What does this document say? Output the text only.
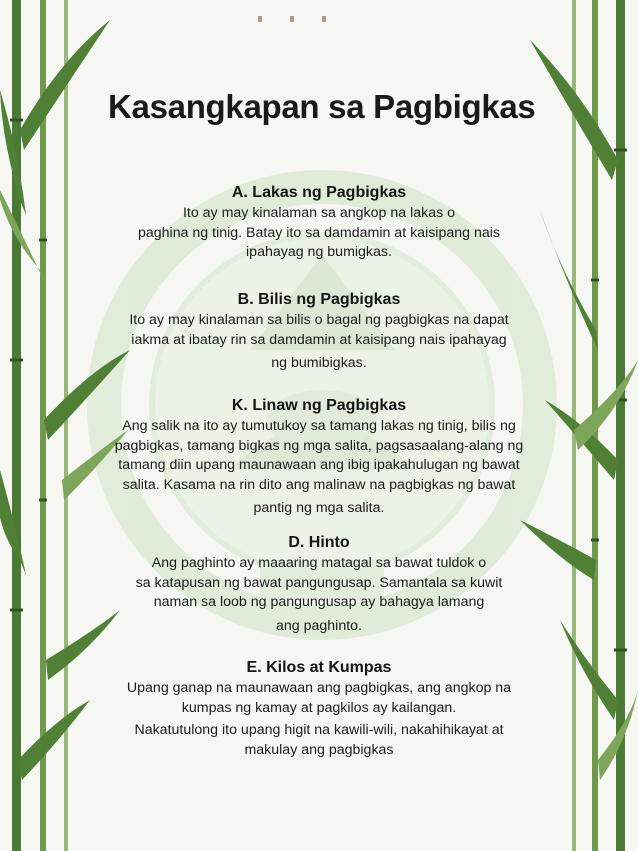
Kasangkapan sa Pagbigkas

A. Lakas ng Pagbigkas

Ito ay may kinalaman sa angkop na lakas o

paghina ng tinig. Batay ito sa damdamin at kaisipang nais

ipahayag ng bumigkas.

B. Bilis ng Pagbigkas

Ito ay may kinalaman sa bilis o bagal ng pagbigkas na dapat

iakma at ibatay rin sa damdamin at kaisipang nais ipahayag

ng bumibigkas.

K. Linaw ng Pagbigkas

Ang salik na ito ay tumutukoy sa tamang lakas ng tinig, bilis ng

pagbigkas, tamang bigkas ng mga salita, pagsasaalang-alang ng

tamang diin upang maunawaan ang ibig ipakahulugan ng bawat

salita. Kasama na rin dito ang malinaw na pagbigkas ng bawat

pantig ng mga salita.

D. Hinto

Ang paghinto ay maaaring matagal sa bawat tuldok o

sa katapusan ng bawat pangungusap. Samantala sa kuwit

naman sa loob ng pangungusap ay bahagya lamang

ang paghinto.

E. Kilos at Kumpas

Upang ganap na maunawaan ang pagbigkas, ang angkop na

kumpas ng kamay at pagkilos ay kailangan.

Nakatutulong ito upang higit na kawili-wili, nakahihikayat at

makulay ang pagbigkas
